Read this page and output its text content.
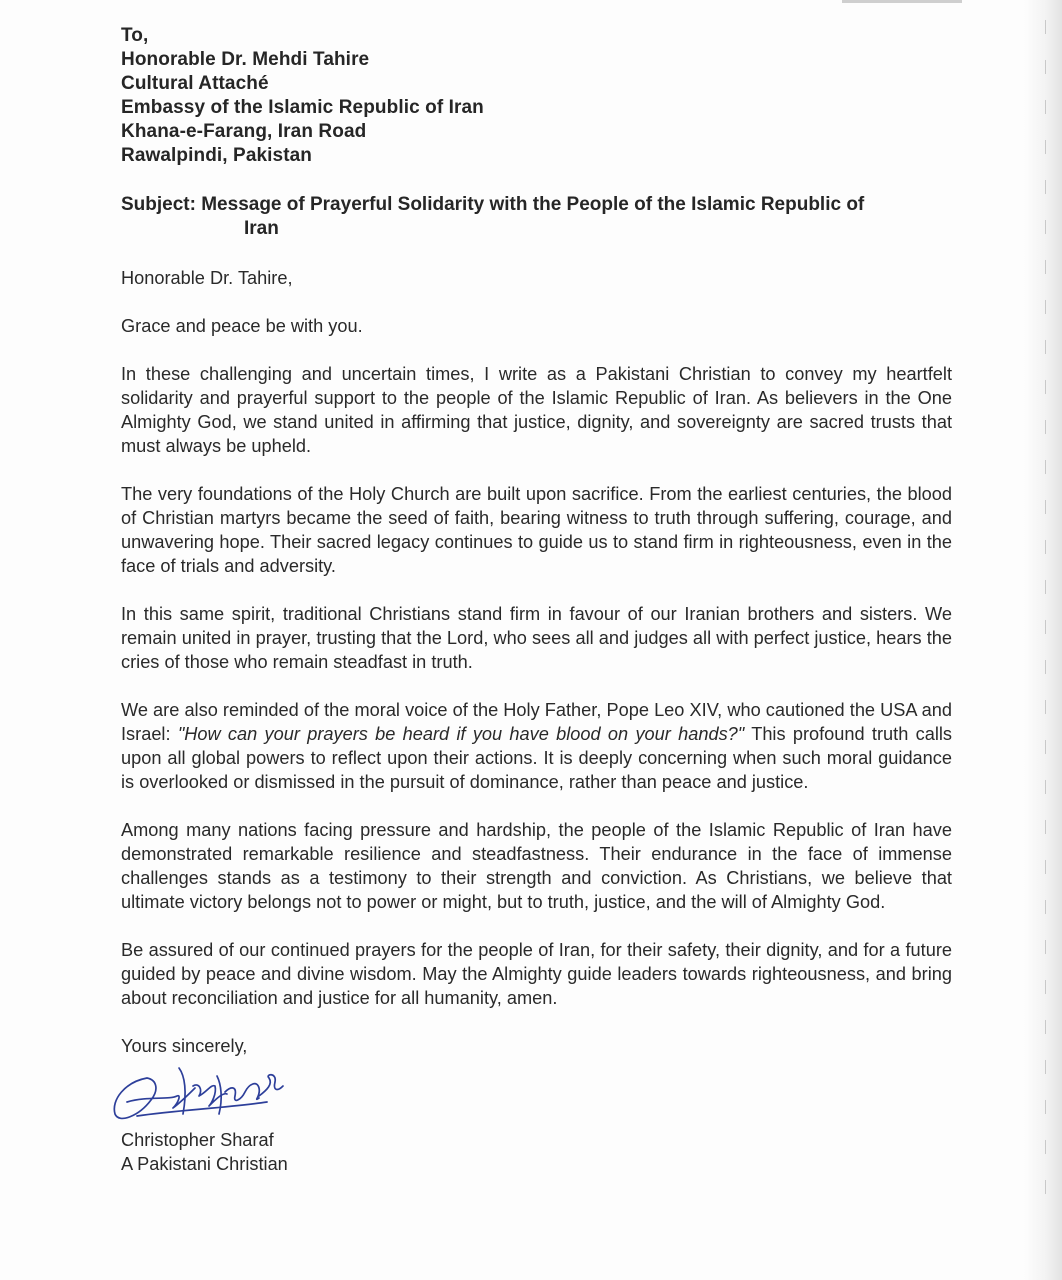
To,
Honorable Dr. Mehdi Tahire
Cultural Attaché
Embassy of the Islamic Republic of Iran
Khana-e-Farang, Iran Road
Rawalpindi, Pakistan
Subject: Message of Prayerful Solidarity with the People of the Islamic Republic of
Iran
Honorable Dr. Tahire,
Grace and peace be with you.

In these challenging and uncertain times, I write as a Pakistani Christian to convey my heartfelt solidarity and prayerful support to the people of the Islamic Republic of Iran. As believers in the One Almighty God, we stand united in affirming that justice, dignity, and sovereignty are sacred trusts that must always be upheld.

The very foundations of the Holy Church are built upon sacrifice. From the earliest centuries, the blood of Christian martyrs became the seed of faith, bearing witness to truth through suffering, courage, and unwavering hope. Their sacred legacy continues to guide us to stand firm in righteousness, even in the face of trials and adversity.

In this same spirit, traditional Christians stand firm in favour of our Iranian brothers and sisters. We remain united in prayer, trusting that the Lord, who sees all and judges all with perfect justice, hears the cries of those who remain steadfast in truth.

We are also reminded of the moral voice of the Holy Father, Pope Leo XIV, who cautioned the USA and Israel: "How can your prayers be heard if you have blood on your hands?" This profound truth calls upon all global powers to reflect upon their actions. It is deeply concerning when such moral guidance is overlooked or dismissed in the pursuit of dominance, rather than peace and justice.

Among many nations facing pressure and hardship, the people of the Islamic Republic of Iran have demonstrated remarkable resilience and steadfastness. Their endurance in the face of immense challenges stands as a testimony to their strength and conviction. As Christians, we believe that ultimate victory belongs not to power or might, but to truth, justice, and the will of Almighty God.

Be assured of our continued prayers for the people of Iran, for their safety, their dignity, and for a future guided by peace and divine wisdom. May the Almighty guide leaders towards righteousness, and bring about reconciliation and justice for all humanity, amen.

Yours sincerely,
Christopher Sharaf
A Pakistani Christian
